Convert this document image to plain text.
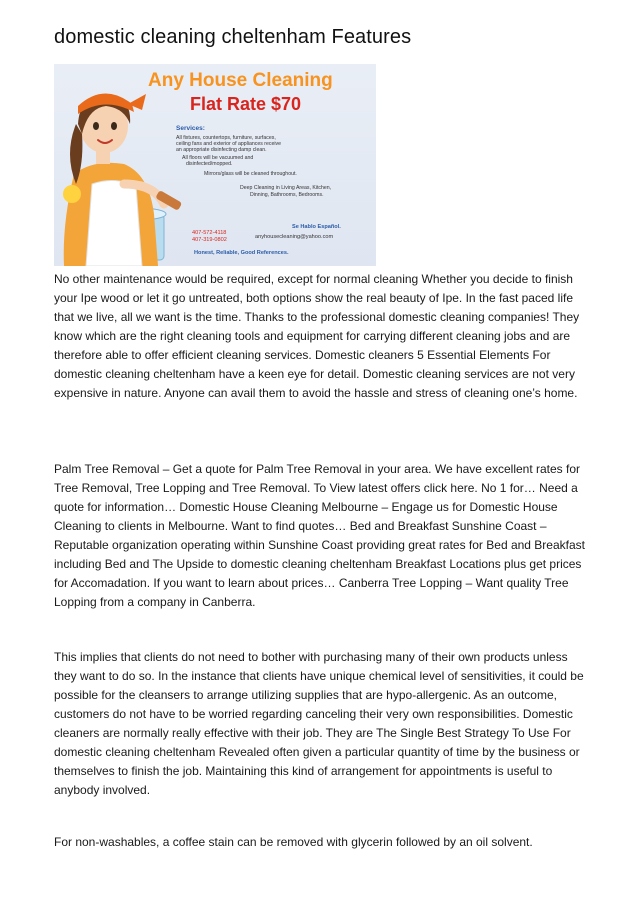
domestic cleaning cheltenham Features
Any House Cleaning
Flat Rate $70
Services:
All fixtures, countertops, furniture, surfaces,
ceiling fans and exterior of appliances receive
an appropriate disinfecting damp clean.
All floors will be vacuumed and
disinfected/mopped.
Mirrors/glass will be cleaned throughout.
Deep Cleaning in Living Areas, Kitchen,
Dinning, Bathrooms, Bedrooms.
407-572-4118
407-319-0802
Se Hablo Español.
anyhousecleaning@yahoo.com
Honest, Reliable, Good References.

No other maintenance would be required, except for normal cleaning Whether you decide to finish your Ipe wood or let it go untreated, both options show the real beauty of Ipe. In the fast paced life that we live, all we want is the time. Thanks to the professional domestic cleaning companies! They know which are the right cleaning tools and equipment for carrying different cleaning jobs and are therefore able to offer efficient cleaning services. Domestic cleaners 5 Essential Elements For domestic cleaning cheltenham have a keen eye for detail. Domestic cleaning services are not very expensive in nature. Anyone can avail them to avoid the hassle and stress of cleaning one’s home.

Palm Tree Removal – Get a quote for Palm Tree Removal in your area. We have excellent rates for Tree Removal, Tree Lopping and Tree Removal. To View latest offers click here. No 1 for… Need a quote for information… Domestic House Cleaning Melbourne – Engage us for Domestic House Cleaning to clients in Melbourne. Want to find quotes… Bed and Breakfast Sunshine Coast – Reputable organization operating within Sunshine Coast providing great rates for Bed and Breakfast including Bed and The Upside to domestic cleaning cheltenham Breakfast Locations plus get prices for Accomadation. If you want to learn about prices… Canberra Tree Lopping – Want quality Tree Lopping from a company in Canberra.

This implies that clients do not need to bother with purchasing many of their own products unless they want to do so. In the instance that clients have unique chemical level of sensitivities, it could be possible for the cleansers to arrange utilizing supplies that are hypo-allergenic. As an outcome, customers do not have to be worried regarding canceling their very own responsibilities. Domestic cleaners are normally really effective with their job. They are The Single Best Strategy To Use For domestic cleaning cheltenham Revealed often given a particular quantity of time by the business or themselves to finish the job. Maintaining this kind of arrangement for appointments is useful to anybody involved.

For non-washables, a coffee stain can be removed with glycerin followed by an oil solvent.
